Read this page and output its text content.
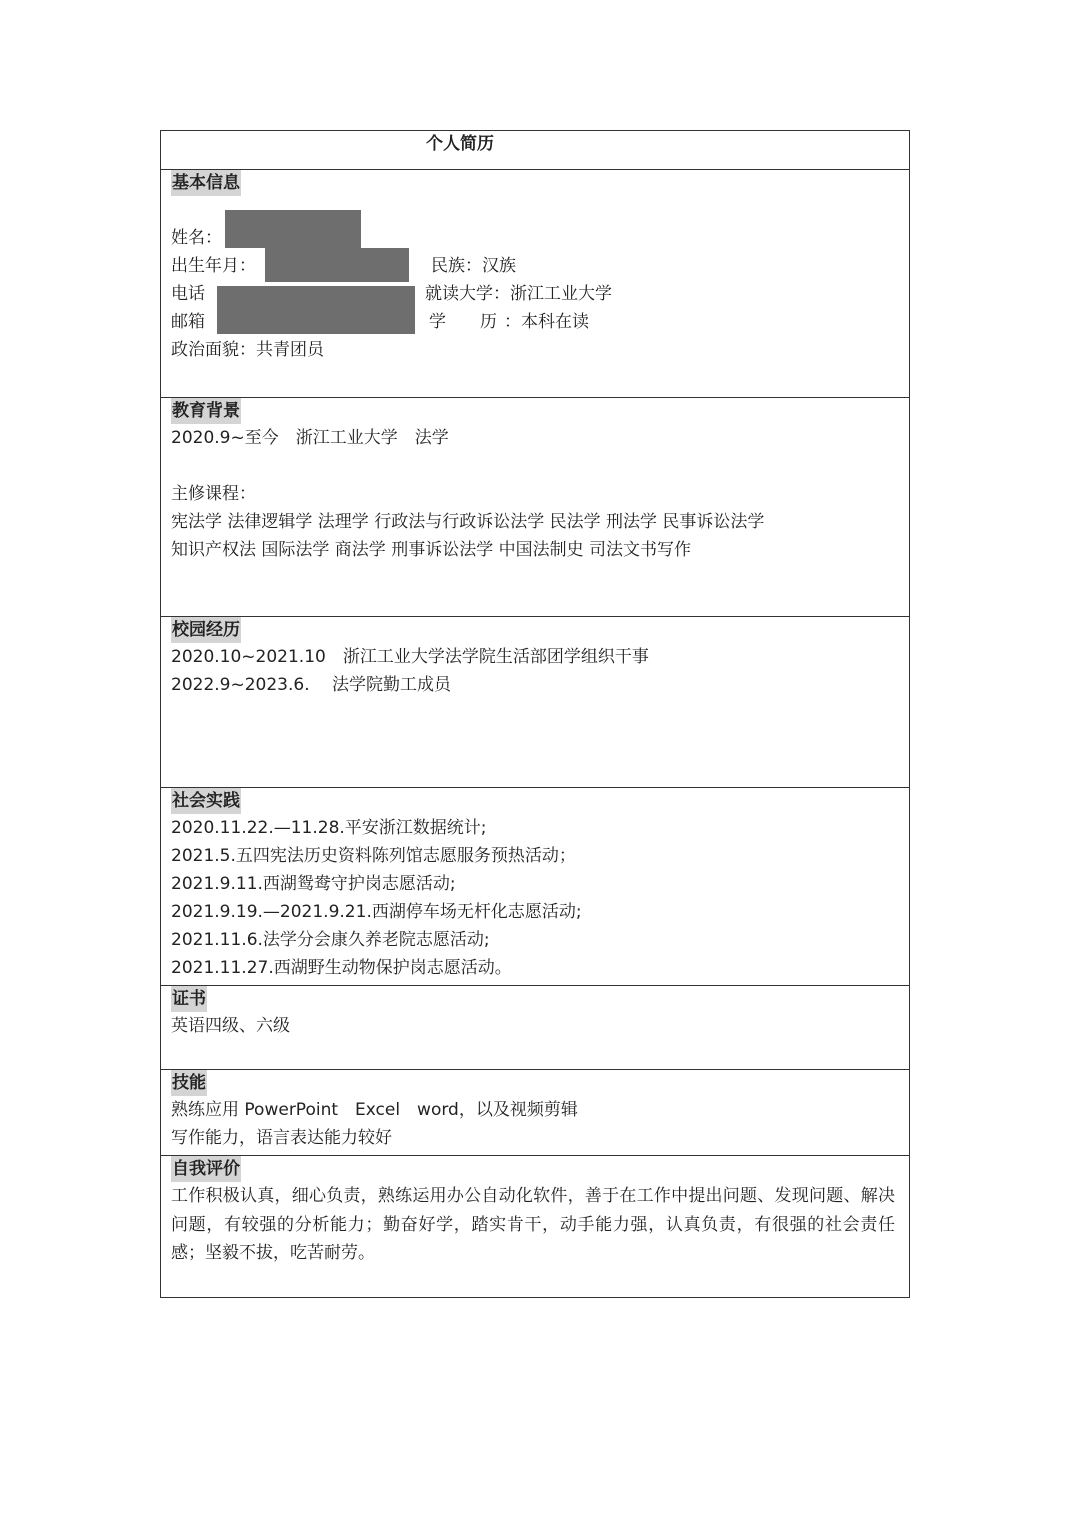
个人简历
基本信息
姓名：
出生年月：	民族：汉族
电话	就读大学：浙江工业大学
邮箱	学　　历 ：本科在读
政治面貌：共青团员
教育背景
2020.9~至今　浙江工业大学　法学
主修课程：
宪法学 法律逻辑学 法理学 行政法与行政诉讼法学 民法学 刑法学 民事诉讼法学
知识产权法 国际法学 商法学 刑事诉讼法学 中国法制史 司法文书写作
校园经历
2020.10~2021.10　浙江工业大学法学院生活部团学组织干事
2022.9~2023.6.　 法学院勤工成员
社会实践
2020.11.22.—11.28.平安浙江数据统计;
2021.5.五四宪法历史资料陈列馆志愿服务预热活动；
2021.9.11.西湖鸳鸯守护岗志愿活动;
2021.9.19.—2021.9.21.西湖停车场无杆化志愿活动;
2021.11.6.法学分会康久养老院志愿活动;
2021.11.27.西湖野生动物保护岗志愿活动。
证书
英语四级、六级
技能
熟练应用 PowerPoint　Excel　word，以及视频剪辑
写作能力，语言表达能力较好
自我评价
工作积极认真，细心负责，熟练运用办公自动化软件，善于在工作中提出问题、发现问题、解决问题，有较强的分析能力；勤奋好学，踏实肯干，动手能力强，认真负责，有很强的社会责任感；坚毅不拔，吃苦耐劳。
